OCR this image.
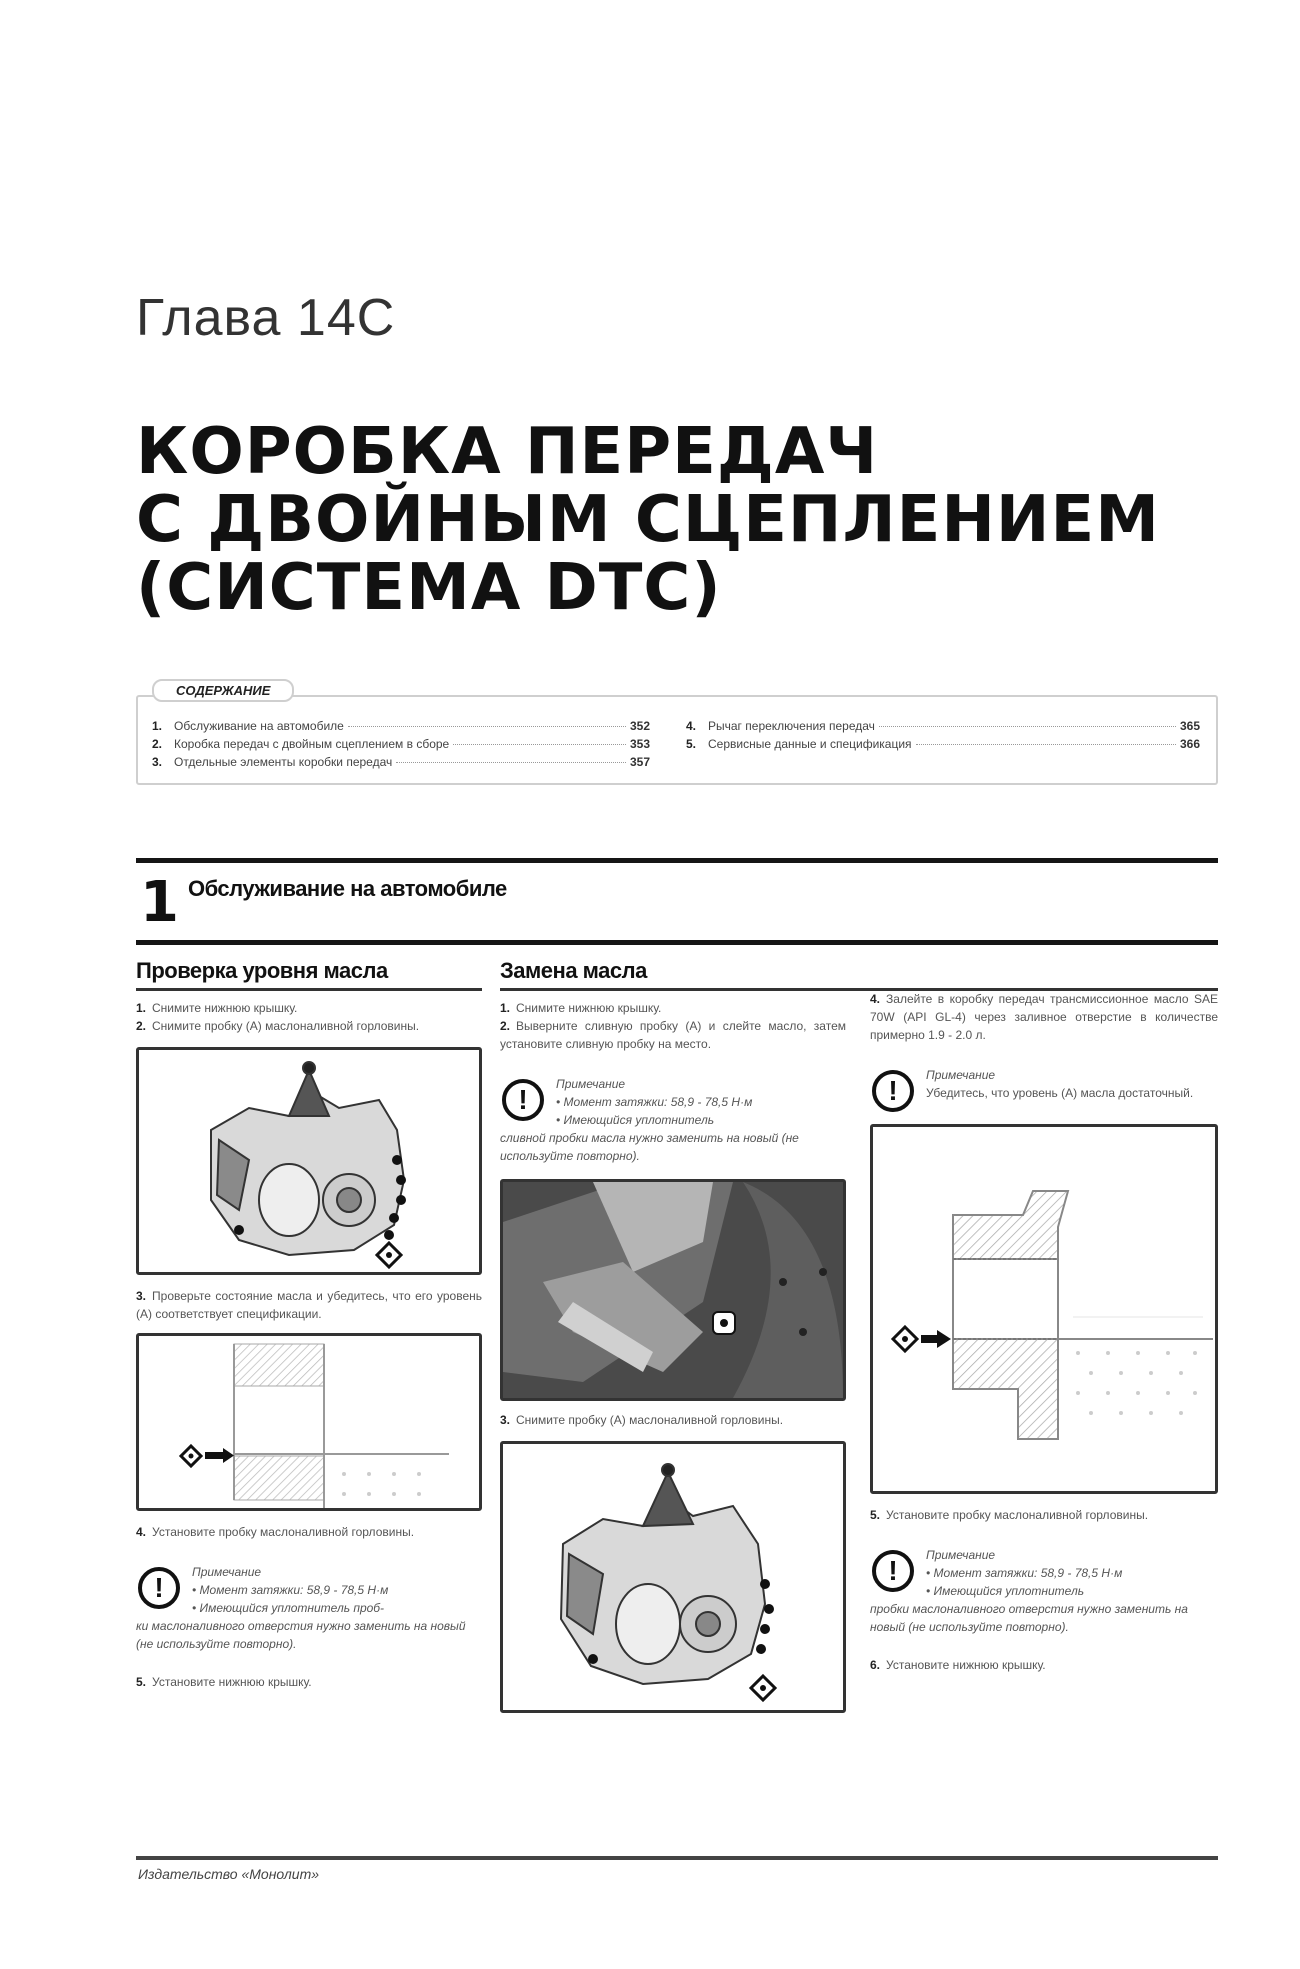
Глава 14С
КОРОБКА ПЕРЕДАЧ
С ДВОЙНЫМ СЦЕПЛЕНИЕМ
(СИСТЕМА DTC)
СОДЕРЖАНИЕ
1. Обслуживание на автомобиле	352
2. Коробка передач с двойным сцеплением в сборе	353
3. Отдельные элементы коробки передач	357
4. Рычаг переключения передач	365
5. Сервисные данные и спецификация	366
1 Обслуживание на автомобиле
Проверка уровня масла
1. Снимите нижнюю крышку.
2. Снимите пробку (A) маслоналивной горловины.
3. Проверьте состояние масла и убедитесь, что его уровень (A) соответствует спецификации.
4. Установите пробку маслоналивной горловины.
!	Примечание
• Момент затяжки: 58,9 - 78,5 Н·м
• Имеющийся уплотнитель проб-
ки маслоналивного отверстия нужно заменить на новый (не используйте повторно).
5. Установите нижнюю крышку.
Замена масла
1. Снимите нижнюю крышку.
2. Выверните сливную пробку (A) и слейте масло, затем установите сливную пробку на место.
!	Примечание
• Момент затяжки: 58,9 - 78,5 Н·м
• Имеющийся уплотнитель
сливной пробки масла нужно заменить на новый (не используйте повторно).
3. Снимите пробку (A) маслоналивной горловины.
4. Залейте в коробку передач трансмиссионное масло SAE 70W (API GL-4) через заливное отверстие в количестве примерно 1.9 - 2.0 л.
!	Примечание
Убедитесь, что уровень (A) масла достаточный.
5. Установите пробку маслоналивной горловины.
!	Примечание
• Момент затяжки: 58,9 - 78,5 Н·м
• Имеющийся уплотнитель
пробки маслоналивного отверстия нужно заменить на новый (не используйте повторно).
6. Установите нижнюю крышку.
Издательство «Монолит»
